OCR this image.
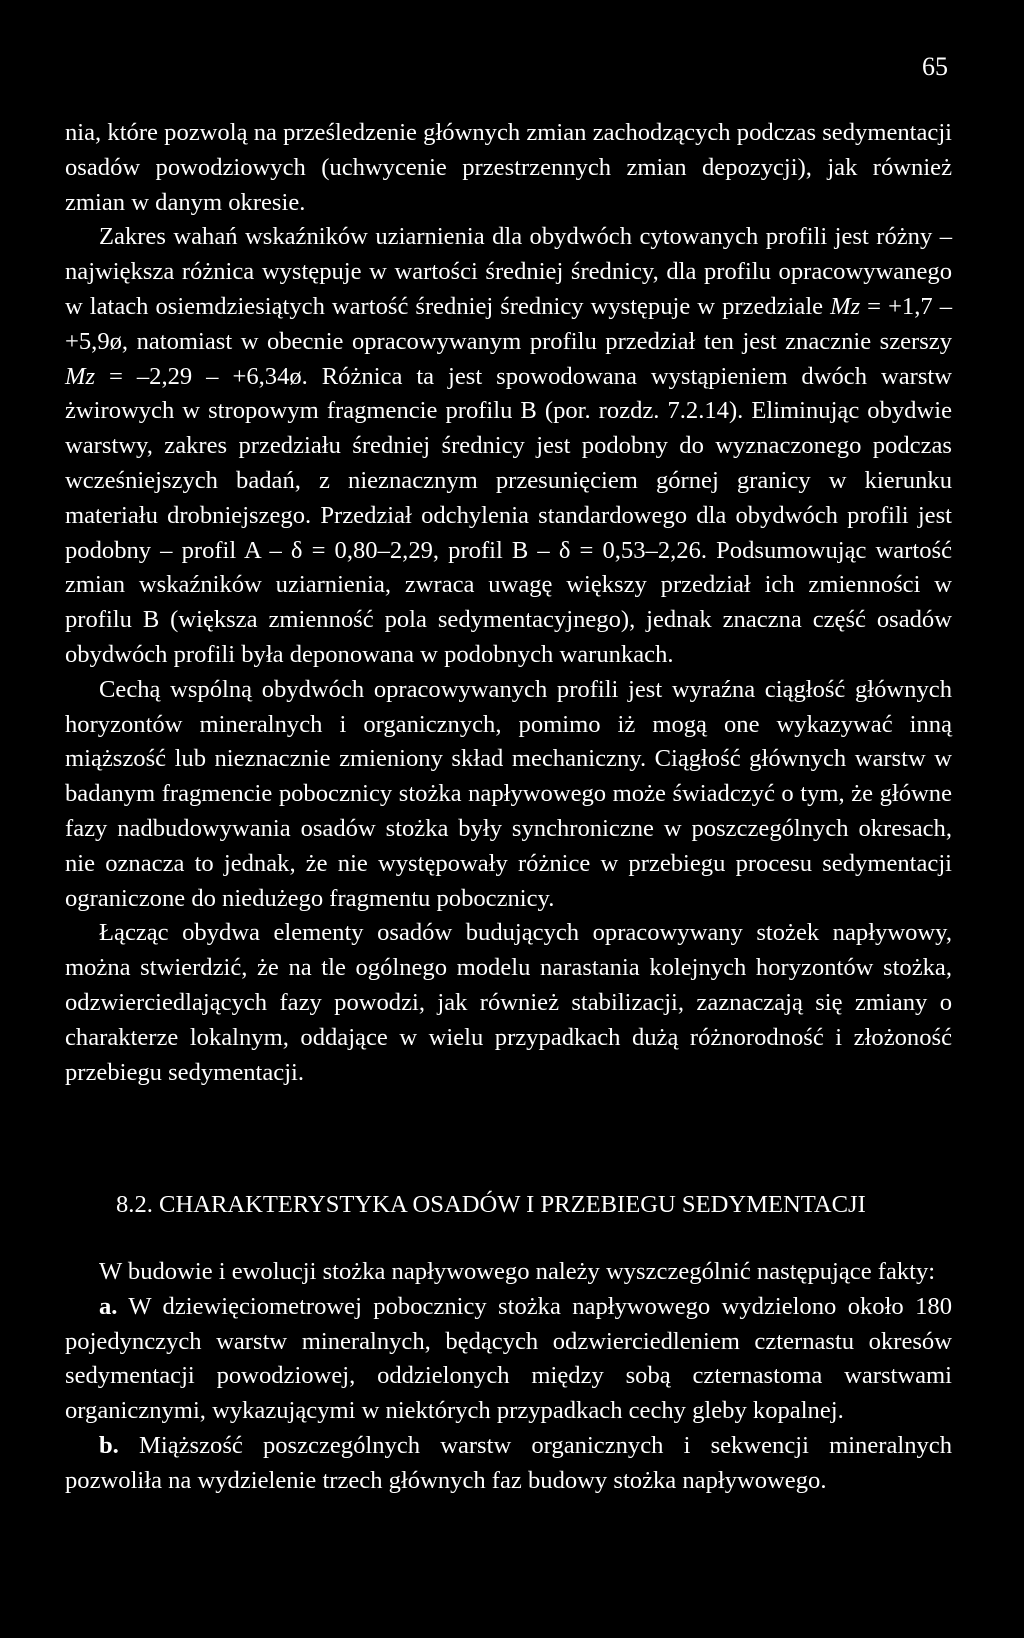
65

nia, które pozwolą na prześledzenie głównych zmian zachodzących podczas sedymentacji osadów powodziowych (uchwycenie przestrzennych zmian depozycji), jak również zmian w danym okresie.

Zakres wahań wskaźników uziarnienia dla obydwóch cytowanych profili jest różny – największa różnica występuje w wartości średniej średnicy, dla profilu opracowywanego w latach osiemdziesiątych wartość średniej średnicy występuje w przedziale Mz = +1,7 – +5,9ø, natomiast w obecnie opracowywanym profilu przedział ten jest znacznie szerszy Mz = –2,29 – +6,34ø. Różnica ta jest spowodowana wystąpieniem dwóch warstw żwirowych w stropowym fragmencie profilu B (por. rozdz. 7.2.14). Eliminując obydwie warstwy, zakres przedziału średniej średnicy jest podobny do wyznaczonego podczas wcześniejszych badań, z nieznacznym przesunięciem górnej granicy w kierunku materiału drobniejszego. Przedział odchylenia standardowego dla obydwóch profili jest podobny – profil A – δ = 0,80–2,29, profil B – δ = 0,53–2,26. Podsumowując wartość zmian wskaźników uziarnienia, zwraca uwagę większy przedział ich zmienności w profilu B (większa zmienność pola sedymentacyjnego), jednak znaczna część osadów obydwóch profili była deponowana w podobnych warunkach.

Cechą wspólną obydwóch opracowywanych profili jest wyraźna ciągłość głównych horyzontów mineralnych i organicznych, pomimo iż mogą one wykazywać inną miąższość lub nieznacznie zmieniony skład mechaniczny. Ciągłość głównych warstw w badanym fragmencie pobocznicy stożka napływowego może świadczyć o tym, że główne fazy nadbudowywania osadów stożka były synchroniczne w poszczególnych okresach, nie oznacza to jednak, że nie występowały różnice w przebiegu procesu sedymentacji ograniczone do niedużego fragmentu pobocznicy.

Łącząc obydwa elementy osadów budujących opracowywany stożek napływowy, można stwierdzić, że na tle ogólnego modelu narastania kolejnych horyzontów stożka, odzwierciedlających fazy powodzi, jak również stabilizacji, zaznaczają się zmiany o charakterze lokalnym, oddające w wielu przypadkach dużą różnorodność i złożoność przebiegu sedymentacji.

8.2. CHARAKTERYSTYKA OSADÓW I PRZEBIEGU SEDYMENTACJI

W budowie i ewolucji stożka napływowego należy wyszczególnić następujące fakty:

a. W dziewięciometrowej pobocznicy stożka napływowego wydzielono około 180 pojedynczych warstw mineralnych, będących odzwierciedleniem czternastu okresów sedymentacji powodziowej, oddzielonych między sobą czternastoma warstwami organicznymi, wykazującymi w niektórych przypadkach cechy gleby kopalnej.

b. Miąższość poszczególnych warstw organicznych i sekwencji mineralnych pozwoliła na wydzielenie trzech głównych faz budowy stożka napływowego.
